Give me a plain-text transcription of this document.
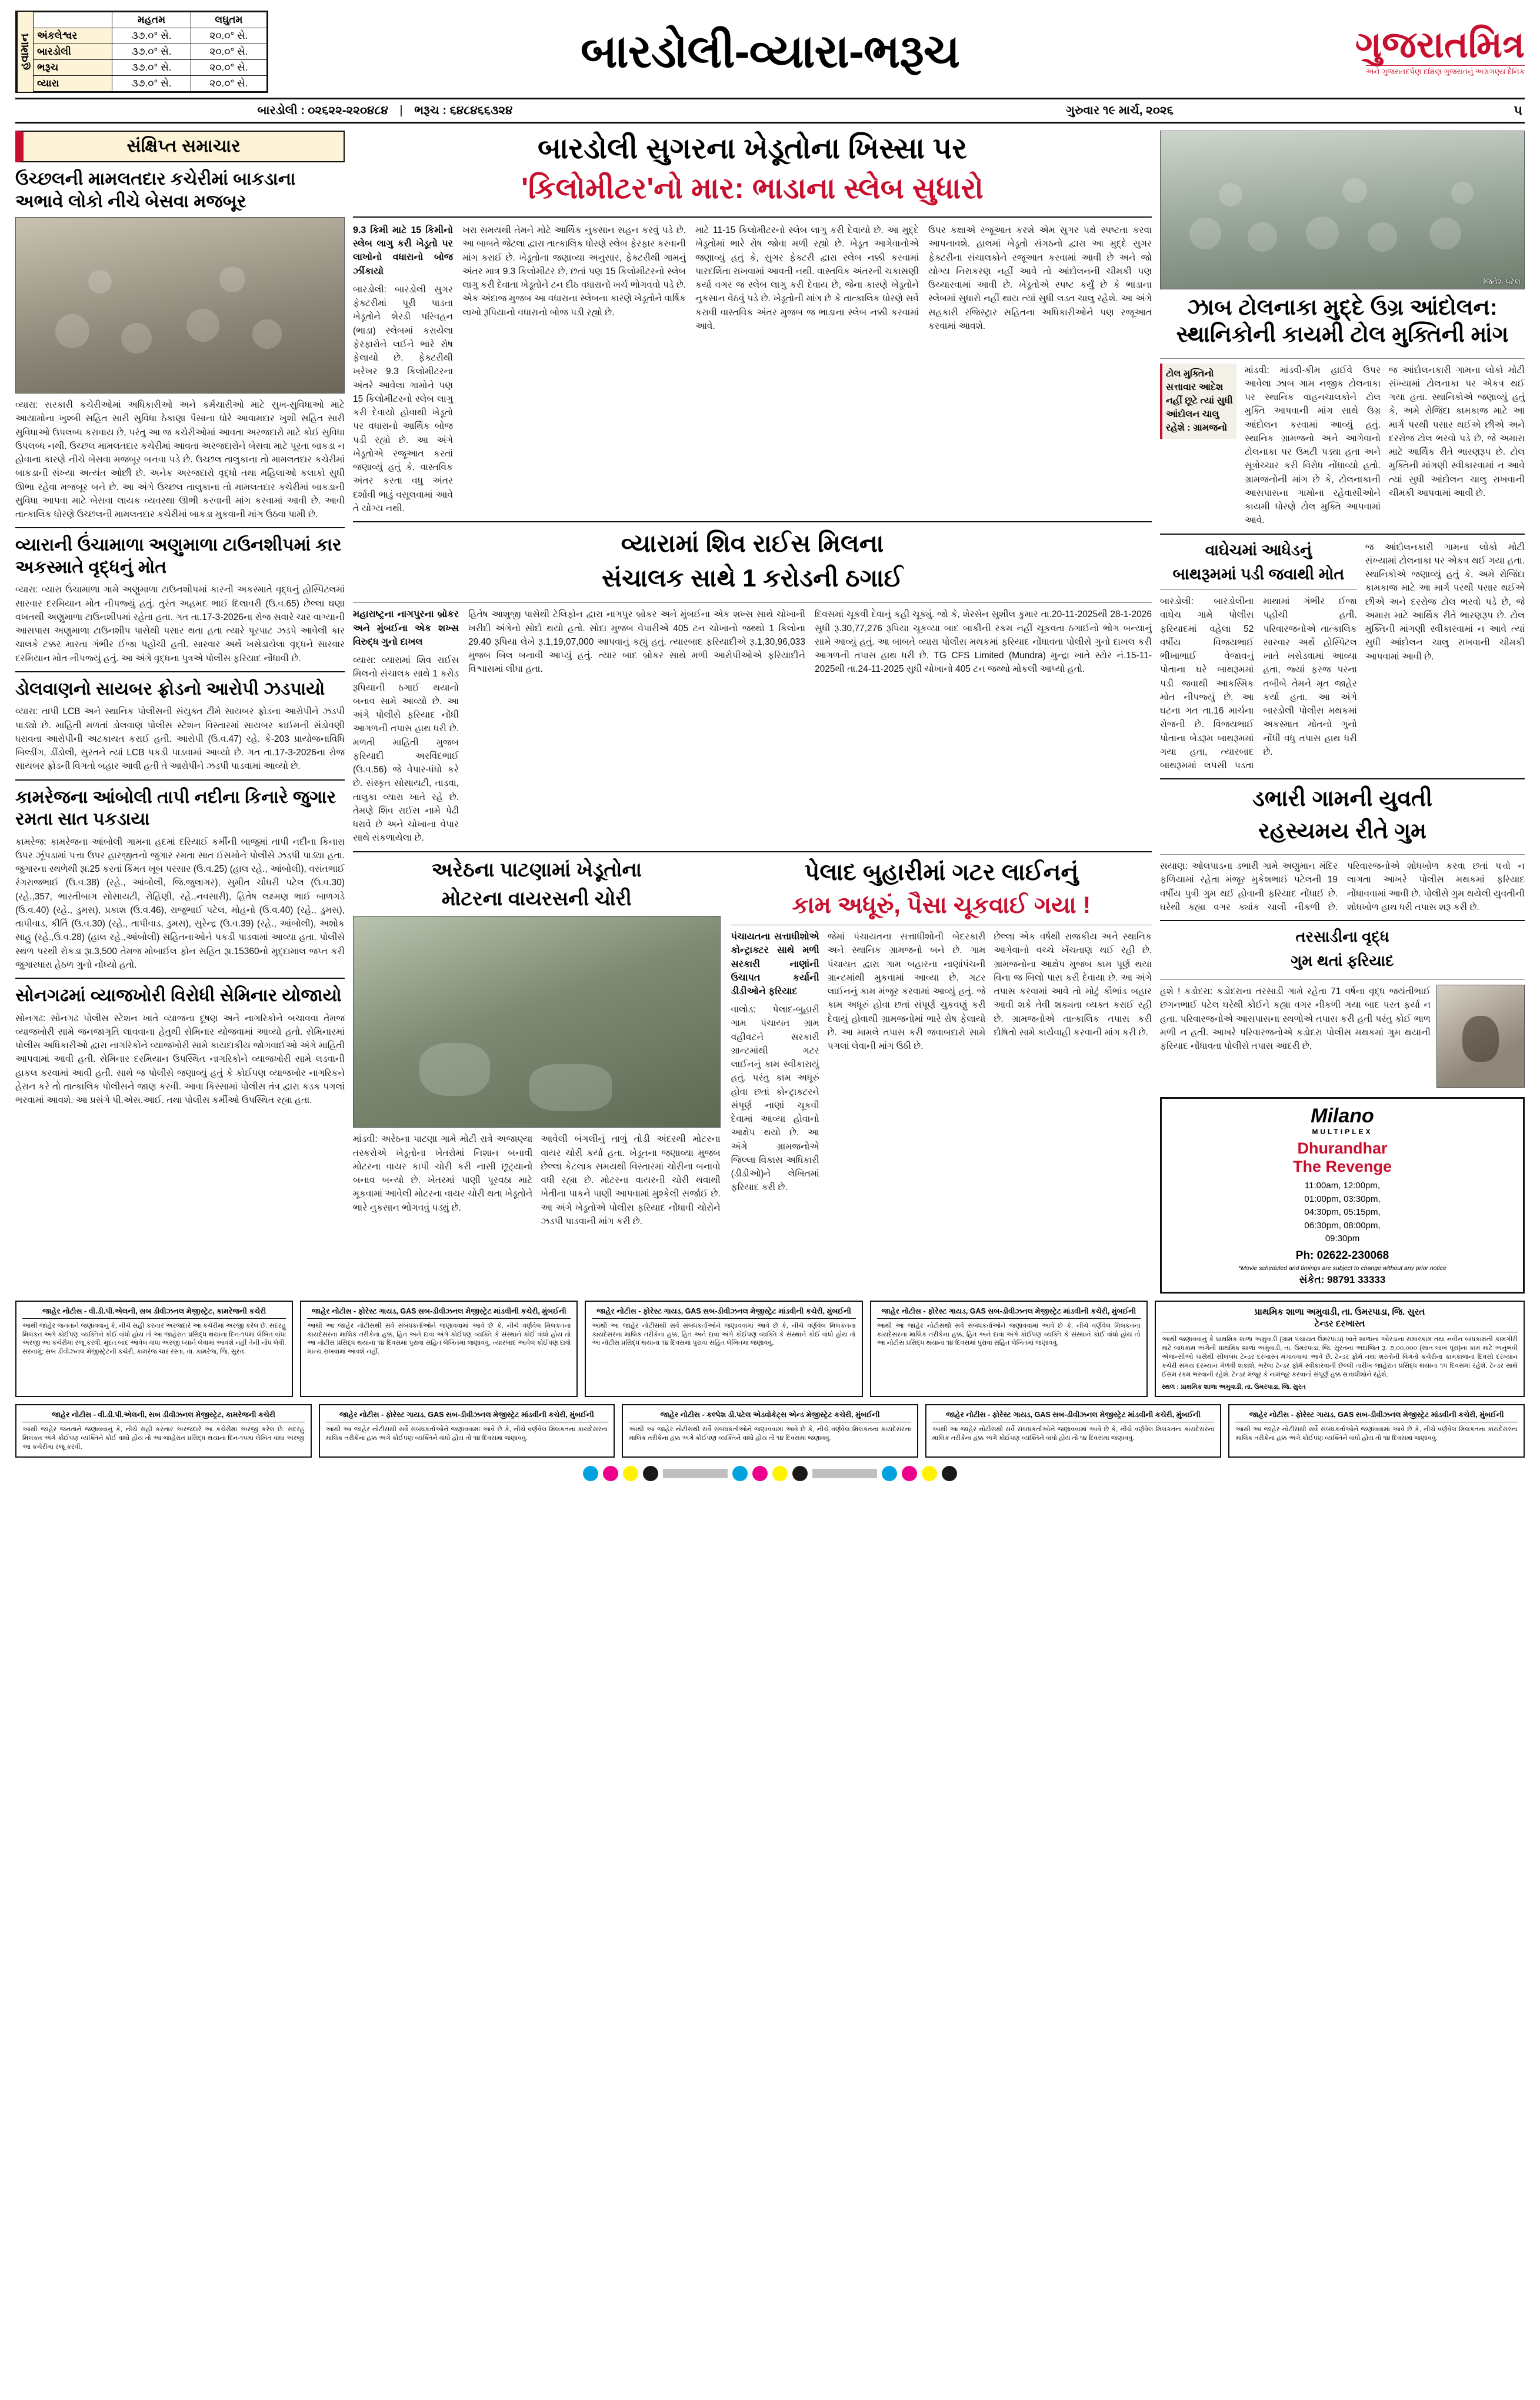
હવામાન
	મહતમ	લઘુતમ
અંકલેશ્વર	૩૭.૦° સે.	૨૦.૦° સે.
બારડોલી	૩૭.૦° સે.	૨૦.૦° સે.
ભરૂચ	૩૭.૦° સે.	૨૦.૦° સે.
વ્યારા	૩૭.૦° સે.	૨૦.૦° સે.
બારડોલી-વ્યારા-ભરૂચ	ગુજરાતમિત્ર
અને ગુજરાતદર્પણ દક્ષિણ ગુજરાતનું અગ્રગણ્ય દૈનિક
બારડોલી : ૦૨૬૨૨-૨૨૦૪૮૪ | ભરૂચ : ૬૪૮૪૬૬૩૨૪	ગુરુવાર ૧૯ માર્ચ, ૨૦૨૬	૫
સંક્ષિપ્ત સમાચાર
ઉચ્છલની મામલતદાર કચેરીમાં બાકડાના અભાવે લોકો નીચે બેસવા મજબૂર
વ્યારા: સરકારી કચેરીઓમાં અધિકારીઓ અને કર્મચારીઓ માટે સુખ-સુવિધાઓ માટે આયામોના ખુશ્બી સહિત સારી સુવિધા ઠેકાણા પૈસાના ધોરે આવામદાર ખુશી સહિત સારી સુવિધાઓ ઉપલબ્ધ કરાવાય છે, પરંતુ આ જ કચેરીઓમાં આવતા અરજદારો માટે કોઈ સુવિધા ઉપલબ્ધ નથી. ઉચ્છલ મામલતદાર કચેરીમાં આવતા અરજદારોને બેસવા માટે પૂરતા બાકડા ન હોવાના કારણે નીચે બેસવા મજબૂર બનવા પડે છે. ઉચ્છલ તાલુકાના તો મામલતદાર કચેરીમાં બાકડાની સંખ્યા અત્યંત ઓછી છે. અનેક અરજદારો વૃદ્ધો તથા મહિલાઓ કલાકો સુધી ઊભા રહેવા મજબૂર બને છે. આ અંગે ઉચ્છલ તાલુકાના તો મામલતદાર કચેરીમાં બાકડાની સુવિધા આપવા માટે બેસવા લાયક વ્યવસ્થા ઊભી કરવાની માંગ કરવામાં આવી છે. આવી તાત્કાલિક ધોરણે ઉચ્છલની મામલતદાર કચેરીમાં બાકડા મુકવાની માંગ ઉઠવા પામી છે.
વ્યારાની ઉંચામાળા અણુમાળા ટાઉનશીપમાં કાર અકસ્માતે વૃદ્ધનું મોત
વ્યારા: વ્યારા ઉંચામાળા ગામે અણુમાળા ટાઉનશીપમાં કારની અકસ્માતે વૃદ્ધનું હોસ્પિટલમાં સારવાર દરમિયાન મોત નીપજ્યું હતું. તુરંત અહમદ ભાઈ દિલાવરી (ઉ.વ.65) છેલ્લા ઘણા વખતથી અણુમાળા ટાઉનશીપમાં રહેતા હતા. ગત તા.17-3-2026ના રોજ સવારે ચાર વાગ્યાની આસપાસ અણુમાળા ટાઉનશીપ પાસેથી પસાર થતા હતા ત્યારે પૂરપાટ ઝડપે આવેલી કાર ચાલકે ટક્કર મારતા ગંભીર ઈજા પહોંચી હતી. સારવાર અર્થે ખસેડાયેલા વૃદ્ધને સારવાર દરમિયાન મોત નીપજ્યું હતું. આ અંગે વૃદ્ધના પુત્રએ પોલીસ ફરિયાદ નોંધાવી છે.
ડોલવાણનો સાયબર ફ્રોડનો આરોપી ઝડપાયો
વ્યારા: તાપી LCB અને સ્થાનિક પોલીસની સંયુક્ત ટીમે સાયબર ફ્રોડના આરોપીને ઝડપી પાડ્યો છે. માહિતી મળતાં ડોલવાણ પોલીસ સ્ટેશન વિસ્તારમાં સાયબર ક્રાઈમની સંડોવણી ધરાવતા આરોપીની અટકાયત કરાઈ હતી. આરોપી (ઉ.વ.47) રહે. કે-203 પ્રાયોજનાવિધિ બિલ્ડીંગ, ડીંડોલી, સુરતને ત્યાં LCB પકડી પાડવામાં આવ્યો છે. ગત તા.17-3-2026ના રોજ સાયબર ફ્રોડની વિગતો બહાર આવી હતી તે આરોપીને ઝડપી પાડવામાં આવ્યો છે.
કામરેજના આંબોલી તાપી નદીના કિનારે જુગાર રમતા સાત પકડાયા
કામરેજ: કામરેજના આંબોલી ગામના હદમાં દરિયાઈ કર્મીની બાજુમાં તાપી નદીના કિનારા ઉપર ઝૂંપડામાં પત્તા ઉપર હારજીતનો જુગાર રમતા સાત ઈસમોને પોલીસે ઝડપી પાડ્યા હતા. જુગારના સ્થળેથી રૂા.25 કરતાં કિંમત ખૂબ પરસાર (ઉ.વ.25) (હાલ રહે., આંબોલી), વસંતભાઈ રંગરાજભાઈ (ઉ.વ.38) (રહે., આંબોલી, જિ.જુલાગર), સુમીત ચૌધરી પટેલ (ઉ.વ.30) (રહે.,357, ભારતીબાગ સોસાયટી, રોહિણી, રહે.,નવસારી), હિતેષ લક્ષ્મણ ભાઈ બાળગડે (ઉ.વ.40) (રહે., ડુમસ), પ્રકાશ (ઉ.વ.46), રાજુભાઈ પટેલ, મોહનો (ઉ.વ.40) (રહે., ડુમસ), તાપીવાડ, કીર્તિ (ઉ.વ.30) (રહે., તાપીવાડ, ડુમસ), સુરેન્દ્ર (ઉ.વ.39) (રહે., આંબોલી), અશોક સાહુ (રહે.,ઉ.વ.28) (હાલ રહે.,આંબોલી) સહિતનાઓને પકડી પાડવામાં આવ્યા હતા. પોલીસે સ્થળ પરથી રોકડા રૂા.3,500 તેમજ મોબાઈલ ફોન સહિત રૂા.15360નો મુદ્દામાલ જપ્ત કરી જુગારધારા હેઠળ ગુનો નોંધ્યો હતો.
સોનગઢમાં વ્યાજખોરી વિરોધી સેમિનાર યોજાયો
સોનગઢ: સોનગઢ પોલીસ સ્ટેશન ખાતે વ્યાજના દૂષણ અને નાગરિકોને બચાવવા તેમજ વ્યાજખોરી સામે જનજાગૃતિ લાવવાના હેતુથી સેમિનાર યોજવામાં આવ્યો હતો. સેમિનારમાં પોલીસ અધિકારીઓ દ્વારા નાગરિકોને વ્યાજખોરી સામે કાયદાકીય જોગવાઈઓ અંગે માહિતી આપવામાં આવી હતી. સેમિનાર દરમિયાન ઉપસ્થિત નાગરિકોને વ્યાજખોરી સામે લડવાની હાકલ કરવામાં આવી હતી. સાથે જ પોલીસે જણાવ્યું હતું કે કોઈપણ વ્યાજખોર નાગરિકને હેરાન કરે તો તાત્કાલિક પોલીસને જાણ કરવી. આવા કિસ્સામાં પોલીસ તંત્ર દ્વારા કડક પગલાં ભરવામાં આવશે. આ પ્રસંગે પી.એસ.આઈ. તથા પોલીસ કર્મીઓ ઉપસ્થિત રહ્યા હતા.
બારડોલી સુગરના ખેડૂતોના ખિસ્સા પર
'કિલોમીટર'નો માર: ભાડાના સ્લેબ સુધારો
9.3 કિમી માટે 15 કિમીનો સ્લેબ લાગુ કરી ખેડૂતો પર લાખોનો વધારાનો બોજ ઝીંકાયો
બારડોલી: બારડોલી સુગર ફેક્ટરીમાં પૂરી પાડતા ખેડૂતોને શેરડી પરિવહન (ભાડા) સ્લેબમાં કરાયેલા ફેરફારોને લઈને ભારે રોષ ફેલાયો છે. ફેક્ટરીથી ખરેખર 9.3 કિલોમીટરના અંતરે આવેલા ગામોને પણ 15 કિલોમીટરનો સ્લેબ લાગુ કરી દેવાયો હોવાથી ખેડૂતો પર વધારાનો આર્થિક બોજ પડી રહ્યો છે. આ અંગે ખેડૂતોએ રજૂઆત કરતાં જણાવ્યું હતું કે, વાસ્તવિક અંતર કરતા વધુ અંતર દર્શાવી ભાડું વસૂલવામાં આવે તે યોગ્ય નથી.
ખરા સમયથી તેમને મોટે આર્થિક નુકસાન સહન કરવું પડે છે. આ બાબતે જેટલા દ્વારા તાત્કાલિક ધોરણે સ્લેબ ફેરફાર કરવાની માંગ કરાઈ છે. ખેડૂતોના જણાવ્યા અનુસાર, ફેક્ટરીથી ગામનું અંતર માત્ર 9.3 કિલોમીટર છે, છતાં પણ 15 કિલોમીટરનો સ્લેબ લાગુ કરી દેવાતા ખેડૂતોને ટન દીઠ વધારાનો ખર્ચ ભોગવવો પડે છે. એક અંદાજ મુજબ આ વધારાના સ્લેબના કારણે ખેડૂતોને વાર્ષિક લાખો રૂપિયાનો વધારાનો બોજ પડી રહ્યો છે.
માટે 11-15 કિલોમીટરનો સ્લેબ લાગુ કરી દેવાયો છે. આ મુદ્દે ખેડૂતોમાં ભારે રોષ જોવા મળી રહ્યો છે. ખેડૂત આગેવાનોએ જણાવ્યું હતું કે, સુગર ફેક્ટરી દ્વારા સ્લેબ નક્કી કરવામાં પારદર્શિતા રાખવામાં આવતી નથી. વાસ્તવિક અંતરની ચકાસણી કર્યા વગર જ સ્લેબ લાગુ કરી દેવાય છે, જેના કારણે ખેડૂતોને નુકસાન વેઠવું પડે છે. ખેડૂતોની માંગ છે કે તાત્કાલિક ધોરણે સર્વે કરાવી વાસ્તવિક અંતર મુજબ જ ભાડાના સ્લેબ નક્કી કરવામાં આવે.
ઉપર કક્ષાએ રજૂઆત કરશે એમ સુગર પક્ષે સ્પષ્ટતા કરવા આપનાવશે. હાલમાં ખેડૂતો સંગઠનો દ્વારા આ મુદ્દે સુગર ફેક્ટરીના સંચાલકોને રજૂઆત કરવામાં આવી છે અને જો યોગ્ય નિરાકરણ નહીં આવે તો આંદોલનની ચીમકી પણ ઉચ્ચારવામાં આવી છે. ખેડૂતોએ સ્પષ્ટ કર્યું છે કે ભાડાના સ્લેબમાં સુધારો નહીં થાય ત્યાં સુધી લડત ચાલુ રહેશે. આ અંગે સહકારી રજિસ્ટ્રાર સહિતના અધિકારીઓને પણ રજૂઆત કરવામાં આવશે.
વ્યારામાં શિવ રાઈસ મિલના
સંચાલક સાથે 1 કરોડની ઠગાઈ
મહારાષ્ટ્રના નાગપુરના બ્રોકર અને મુંબઈના એક શખ્સ વિરુદ્ધ ગુનો દાખલ
વ્યારા: વ્યારામાં શિવ રાઈસ મિલનો સંચાલક સાથે 1 કરોડ રૂપિયાની ઠગાઈ થયાનો બનાવ સામે આવ્યો છે. આ અંગે પોલીસે ફરિયાદ નોંધી આગળની તપાસ હાથ ધરી છે. મળતી માહિતી મુજબ ફરિયાદી અરવિંદભાઈ (ઉ.વ.56) જે વેપાર-ધંધો કરે છે. સંસ્કૃત સોસાયટી, તાડવા, તાલુકા વ્યારા ખાતે રહે છે. તેમણે શિવ રાઈસ નામે પેઢી ધરાવે છે અને ચોખાના વેપાર સાથે સંકળાયેલા છે.
હિતેષ આશુજી પાસેથી ટેલિફોન દ્વારા નાગપુર બ્રોકર અને મુંબઈના એક શખ્સ સાથે ચોખાની ખરીદી અંગેનો સોદો થયો હતો. સોદા મુજબ વેપારીએ 405 ટન ચોખાનો જથ્થો 1 કિલોના 29.40 રૂપિયા લેખે રૂ.1,19,07,000 આપવાનું કહ્યું હતું. ત્યારબાદ ફરિયાદીએ રૂ.1,30,96,033 મુજબ બિલ બનાવી આપ્યું હતું. ત્યાર બાદ બ્રોકર સાથે મળી આરોપીઓએ ફરિયાદીને વિશ્વાસમાં લીધા હતા.
દિવસમાં ચૂકવી દેવાનું કહી ચૂક્યું. જો કે, શેરસેન સુશીલ કુમાર તા.20-11-2025થી 28-1-2026 સુધી રૂ.30,77,276 રૂપિયા ચૂકવ્યા બાદ બાકીની રકમ નહીં ચૂકવતા ઠગાઈનો ભોગ બન્યાનું સામે આવ્યું હતું. આ બાબતે વ્યારા પોલીસ મથકમાં ફરિયાદ નોંધાવતા પોલીસે ગુનો દાખલ કરી આગળની તપાસ હાથ ધરી છે. TG CFS Limited (Mundra) મુન્દ્રા ખાતે સ્ટોર નં.15-11-2025થી તા.24-11-2025 સુધી ચોખાનો 405 ટન જથ્થો મોકલી આપ્યો હતો.
અરેઠના પાટણામાં ખેડૂતોના
મોટરના વાયરસની ચોરી
માંડવી: અરેઠના પાટણા ગામે મોટી રાત્રે અજાણ્યા તસ્કરોએ ખેડૂતોના ખેતરોમાં નિશાન બનાવી મોટરના વાયર કાપી ચોરી કરી નાસી છૂટ્યાનો બનાવ બન્યો છે. ખેતરમાં પાણી પૂરવઠા માટે મૂકવામાં આવેલી મોટરના વાયર ચોરી થતા ખેડૂતોને ભારે નુકસાન ભોગવવું પડ્યું છે.
આવેલી બંગલીનું તાળું તોડી અંદરથી મોટરના વાયર ચોરી કર્યા હતા. ખેડૂતના જણાવ્યા મુજબ છેલ્લા કેટલાક સમયથી વિસ્તારમાં ચોરીના બનાવો વધી રહ્યા છે. મોટરના વાયરની ચોરી થવાથી ખેતીના પાકને પાણી આપવામાં મુશ્કેલી સર્જાઈ છે. આ અંગે ખેડૂતોએ પોલીસ ફરિયાદ નોંધાવી ચોરોને ઝડપી પાડવાની માંગ કરી છે.
પેલાદ બુહારીમાં ગટર લાઈનનું
કામ અધૂરું, પૈસા ચૂકવાઈ ગયા !
પંચાયતના સત્તાધીશોએ કોન્ટ્રાક્ટર સાથે મળી સરકારી નાણાંની ઉચાપત કર્યાની ડીડીઓને ફરિયાદ
વાલોડ: પેલાદ-બુહારી ગામ પંચાયત ગ્રામ વહીવટને સરકારી ગ્રાન્ટમાંથી ગટર લાઈનનું કામ સ્વીકારાયું હતું. પરંતુ કામ અધૂરું હોવા છતાં કોન્ટ્રાક્ટરને સંપૂર્ણ નાણાં ચૂકવી દેવામાં આવ્યા હોવાનો આક્ષેપ થયો છે. આ અંગે ગ્રામજનોએ જિલ્લા વિકાસ અધિકારી (ડીડીઓ)ને લેખિતમાં ફરિયાદ કરી છે.
જેમાં પંચાયતના સત્તાધીશોની બેદરકારી અને સ્થાનિક ગ્રામજનો બને છે. ગામ પંચાયત દ્વારા ગામ બહારના નાણાંપંચની ગ્રાન્ટમાંથી મુકવામાં આવ્યા છે. ગટર લાઈનનું કામ મંજૂર કરવામાં આવ્યું હતું. જે કામ અધૂરું હોવા છતાં સંપૂર્ણ ચુકવણું કરી દેવાયું હોવાથી ગ્રામજનોમાં ભારે રોષ ફેલાયો છે. આ મામલે તપાસ કરી જવાબદારો સામે પગલાં લેવાની માંગ ઉઠી છે.
છેલ્લા એક વર્ષથી રાજકીય અને સ્થાનિક આગેવાનો વચ્ચે ખેંચતાણ થઈ રહી છે. ગ્રામજનોના આક્ષેપ મુજબ કામ પૂર્ણ થયા વિના જ બિલો પાસ કરી દેવાયા છે. આ અંગે તપાસ કરવામાં આવે તો મોટું કૌભાંડ બહાર આવી શકે તેવી શક્યતા વ્યક્ત કરાઈ રહી છે. ગ્રામજનોએ તાત્કાલિક તપાસ કરી દોષિતો સામે કાર્યવાહી કરવાની માંગ કરી છે.
જિતેશ પટેલ
ઝાબ ટોલનાકા મુદ્દે ઉગ્ર આંદોલન: સ્થાનિકોની કાયમી ટોલ મુક્તિની માંગ
ટોલ મુક્તિનો સત્તાવાર આદેશ નહીં છૂટે ત્યાં સુધી આંદોલન ચાલુ રહેશે : ગ્રામજનો
માંડવી: માંડવી-કીમ હાઈવે ઉપર આવેલા ઝાબ ગામ નજીક ટોલનાકા પર સ્થાનિક વાહનચાલકોને ટોલ મુક્તિ આપવાની માંગ સાથે ઉગ્ર આંદોલન કરવામાં આવ્યું હતું. સ્થાનિક ગ્રામજનો અને આગેવાનો ટોલનાકા પર ઉમટી પડ્યા હતા અને સૂત્રોચ્ચાર કરી વિરોધ નોંધાવ્યો હતો. ગ્રામજનોની માંગ છે કે, ટોલનાકાની આસપાસના ગામોના રહેવાસીઓને કાયમી ધોરણે ટોલ મુક્તિ આપવામાં આવે.
જ આંદોલનકારી ગામના લોકો મોટી સંખ્યામાં ટોલનાકા પર એકત્ર થઈ ગયા હતા. સ્થાનિકોએ જણાવ્યું હતું કે, અમે રોજિંદા કામકાજ માટે આ માર્ગ પરથી પસાર થઈએ છીએ અને દરરોજ ટોલ ભરવો પડે છે, જે અમારા માટે આર્થિક રીતે ભારણરૂપ છે. ટોલ મુક્તિની માંગણી સ્વીકારવામાં ન આવે ત્યાં સુધી આંદોલન ચાલુ રાખવાની ચીમકી આપવામાં આવી છે.
વાઘેચમાં આધેડનું
બાથરૂમમાં પડી જવાથી મોત
બારડોલી: બારડોલીના વાઘેચ ગામે પોલીસ ફરિયાદમાં વહેલા 52 વર્ષીય વિજયભાઈ ભીખાભાઈ વેજાવનું પોતાના ઘરે બાથરૂમમાં પડી જવાથી આકસ્મિક મોત નીપજ્યું છે. આ ઘટના ગત તા.16 માર્ચના રોજની છે. વિજયભાઈ પોતાના બેડરૂમ બાથરૂમમાં ગયા હતા, ત્યારબાદ બાથરૂમમાં લપસી પડતા માથામાં ગંભીર ઈજા પહોંચી હતી. પરિવારજનોએ તાત્કાલિક સારવાર અર્થે હોસ્પિટલ ખાતે ખસેડવામાં આવ્યા હતા, જ્યાં ફરજ પરના તબીબે તેમને મૃત જાહેર કર્યા હતા. આ અંગે બારડોલી પોલીસ મથકમાં અકસ્માત મોતનો ગુનો નોંધી વધુ તપાસ હાથ ધરી છે.
જ આંદોલનકારી ગામના લોકો મોટી સંખ્યામાં ટોલનાકા પર એકત્ર થઈ ગયા હતા. સ્થાનિકોએ જણાવ્યું હતું કે, અમે રોજિંદા કામકાજ માટે આ માર્ગ પરથી પસાર થઈએ છીએ અને દરરોજ ટોલ ભરવો પડે છે, જે અમારા માટે આર્થિક રીતે ભારણરૂપ છે. ટોલ મુક્તિની માંગણી સ્વીકારવામાં ન આવે ત્યાં સુધી આંદોલન ચાલુ રાખવાની ચીમકી આપવામાં આવી છે.
ડભારી ગામની યુવતી
રહસ્યમય રીતે ગુમ
સયાણ: ઓલપાડના ડભારી ગામે અણુમાન મંદિર ફળિયામાં રહેતા મંજૂર મુકેશભાઈ પટેલની 19 વર્ષીય પુત્રી ગુમ થઈ હોવાની ફરિયાદ નોંધાઈ છે. ઘરેથી કહ્યા વગર ક્યાંક ચાલી નીકળી છે. પરિવારજનોએ શોધખોળ કરવા છતાં પત્તો ન લાગતા આખરે પોલીસ મથકમાં ફરિયાદ નોંધાવવામાં આવી છે. પોલીસે ગુમ થયેલી યુવતીની શોધખોળ હાથ ધરી તપાસ શરૂ કરી છે.
તરસાડીના વૃદ્ધ
ગુમ થતાં ફરિયાદ
હશે ! કડોદરા: કડોદરાના તરસાડી ગામે રહેતા 71 વર્ષના વૃદ્ધ જયંતીભાઈ છગનભાઈ પટેલ ઘરેથી કોઈને કહ્યા વગર નીકળી ગયા બાદ પરત ફર્યા ન હતા. પરિવારજનોએ આસપાસના સ્થળોએ તપાસ કરી હતી પરંતુ કોઈ ભાળ મળી ન હતી. આખરે પરિવારજનોએ કડોદરા પોલીસ મથકમાં ગુમ થયાની ફરિયાદ નોંધાવતા પોલીસે તપાસ આદરી છે.
Milano
MULTIPLEX
Dhurandhar
The Revenge
11:00am, 12:00pm,
01:00pm, 03:30pm,
04:30pm, 05:15pm,
06:30pm, 08:00pm,
09:30pm
Ph: 02622-230068
*Movie scheduled and timings are subject to change without any prior notice
સંકેત: 98791 33333
જાહેર નોટીસ - વી.ડી.પી.એલની, સબ ડીવીઝનલ મેજીસ્ટ્રેટ, કામરેજની કચેરી
આથી જાહેર જનતાને જણાવવાનું કે, નીચે સહી કરનાર અરજદારે આ કચેરીમાં અરજી કરેલ છે. સદરહુ મિલકત અંગે કોઈપણ વ્યક્તિને કોઈ વાંધો હોય તો આ જાહેરાત પ્રસિદ્ધ થયાના દિન-૧૫માં લેખિત વાંધા અરજી આ કચેરીમાં રજૂ કરવી. મુદત બાદ આવેલ વાંધા અરજી ધ્યાને લેવામાં આવશે નહીં તેની નોંધ લેવી. સરનામું: સબ ડીવીઝનલ મેજીસ્ટ્રેટની કચેરી, કામરેજ ચાર રસ્તા, તા. કામરેજ, જિ. સુરત.
જાહેર નોટીસ - ફોરેસ્ટ ગાયડ, GAS સબ-ડીવીઝનલ મેજીસ્ટ્રેટ માંડવીની કચેરી, મુંબઈની
આથી આ જાહેર નોટીસથી સર્વે સંબંધકર્તાઓને જણાવવામાં આવે છે કે, નીચે વર્ણવેલ મિલકતના કાયદેસરના માલિક તરીકેના હક્ક, હિત અને દાવા અંગે કોઈપણ વ્યક્તિ કે સંસ્થાને કોઈ વાંધો હોય તો આ નોટીસ પ્રસિદ્ધ થયાના ૧૪ દિવસમાં પુરાવા સહિત લેખિતમાં જણાવવું. ત્યારબાદ આવેલ કોઈપણ દાવો માન્ય રાખવામાં આવશે નહીં.
જાહેર નોટીસ - ફોરેસ્ટ ગાયડ, GAS સબ-ડીવીઝનલ મેજીસ્ટ્રેટ માંડવીની કચેરી, મુંબઈની
આથી આ જાહેર નોટીસથી સર્વે સંબંધકર્તાઓને જણાવવામાં આવે છે કે, નીચે વર્ણવેલ મિલકતના કાયદેસરના માલિક તરીકેના હક્ક, હિત અને દાવા અંગે કોઈપણ વ્યક્તિ કે સંસ્થાને કોઈ વાંધો હોય તો આ નોટીસ પ્રસિદ્ધ થયાના ૧૪ દિવસમાં પુરાવા સહિત લેખિતમાં જણાવવું.
જાહેર નોટીસ - ફોરેસ્ટ ગાયડ, GAS સબ-ડીવીઝનલ મેજીસ્ટ્રેટ માંડવીની કચેરી, મુંબઈની
આથી આ જાહેર નોટીસથી સર્વે સંબંધકર્તાઓને જણાવવામાં આવે છે કે, નીચે વર્ણવેલ મિલકતના કાયદેસરના માલિક તરીકેના હક્ક, હિત અને દાવા અંગે કોઈપણ વ્યક્તિ કે સંસ્થાને કોઈ વાંધો હોય તો આ નોટીસ પ્રસિદ્ધ થયાના ૧૪ દિવસમાં પુરાવા સહિત લેખિતમાં જણાવવું.
પ્રાથમિક શાળા અમુવાડી, તા. ઉમરપાડા, જિ. સુરત
ટેન્ડર દરખાસ્ત
આથી જણાવવાનું કે પ્રાથમિક શાળા અમુવાડી (ગ્રામ પંચાયત ઉમરપાડા) ખાતે શાળાના ઓરડાના સમારકામ તથા નવીન બાંધકામની કામગીરી માટે બાંધકામ અંગેની પ્રાથમિક શાળા અમુવાડી, તા. ઉમરપાડા, જિ. સુરતના અંદાજિત રૂ. ૭,૦૦,૦૦૦ (સાત લાખ પૂરા)ના કામ માટે અનુભવી એજન્સીઓ પાસેથી સીલબંધ ટેન્ડર દરખાસ્ત મંગાવવામાં આવે છે. ટેન્ડર ફોર્મ તથા શરતોની વિગતો કચેરીના કામકાજના દિવસો દરમ્યાન કચેરી સમય દરમ્યાન મેળવી શકાશે. ભરેલા ટેન્ડર ફોર્મ સ્વીકારવાની છેલ્લી તારીખ જાહેરાત પ્રસિદ્ધ થયાના ૧૫ દિવસમાં રહેશે. ટેન્ડર સાથે ઈસમ રકમ ભરવાની રહેશે. ટેન્ડર મંજૂર કે નામંજૂર કરવાનો સંપૂર્ણ હક્ક સત્તાધીશોને રહેશે.
સ્થળ : પ્રાથમિક શાળા અમુવાડી, તા. ઉમરપાડા, જિ. સુરત
જાહેર નોટીસ - વી.ડી.પી.એલની, સબ ડીવીઝનલ મેજીસ્ટ્રેટ, કામરેજની કચેરી
આથી જાહેર જનતાને જણાવવાનું કે, નીચે સહી કરનાર અરજદારે આ કચેરીમાં અરજી કરેલ છે. સદરહુ મિલકત અંગે કોઈપણ વ્યક્તિને કોઈ વાંધો હોય તો આ જાહેરાત પ્રસિદ્ધ થયાના દિન-૧૫માં લેખિત વાંધા અરજી આ કચેરીમાં રજૂ કરવી.
જાહેર નોટીસ - ફોરેસ્ટ ગાયડ, GAS સબ-ડીવીઝનલ મેજીસ્ટ્રેટ માંડવીની કચેરી, મુંબઈની
આથી આ જાહેર નોટીસથી સર્વે સંબંધકર્તાઓને જણાવવામાં આવે છે કે, નીચે વર્ણવેલ મિલકતના કાયદેસરના માલિક તરીકેના હક્ક અંગે કોઈપણ વ્યક્તિને વાંધો હોય તો ૧૪ દિવસમાં જણાવવું.
જાહેર નોટીસ - કલ્પેશ ડી.પટેલ એડવોકેટ્સ એન્ડ મેજીસ્ટ્રેટ કચેરી, મુંબઈની
આથી આ જાહેર નોટીસથી સર્વે સંબંધકર્તાઓને જણાવવામાં આવે છે કે, નીચે વર્ણવેલ મિલકતના કાયદેસરના માલિક તરીકેના હક્ક અંગે કોઈપણ વ્યક્તિને વાંધો હોય તો ૧૪ દિવસમાં જણાવવું.
જાહેર નોટીસ - ફોરેસ્ટ ગાયડ, GAS સબ-ડીવીઝનલ મેજીસ્ટ્રેટ માંડવીની કચેરી, મુંબઈની
આથી આ જાહેર નોટીસથી સર્વે સંબંધકર્તાઓને જણાવવામાં આવે છે કે, નીચે વર્ણવેલ મિલકતના કાયદેસરના માલિક તરીકેના હક્ક અંગે કોઈપણ વ્યક્તિને વાંધો હોય તો ૧૪ દિવસમાં જણાવવું.
જાહેર નોટીસ - ફોરેસ્ટ ગાયડ, GAS સબ-ડીવીઝનલ મેજીસ્ટ્રેટ માંડવીની કચેરી, મુંબઈની
આથી આ જાહેર નોટીસથી સર્વે સંબંધકર્તાઓને જણાવવામાં આવે છે કે, નીચે વર્ણવેલ મિલકતના કાયદેસરના માલિક તરીકેના હક્ક અંગે કોઈપણ વ્યક્તિને વાંધો હોય તો ૧૪ દિવસમાં જણાવવું.
